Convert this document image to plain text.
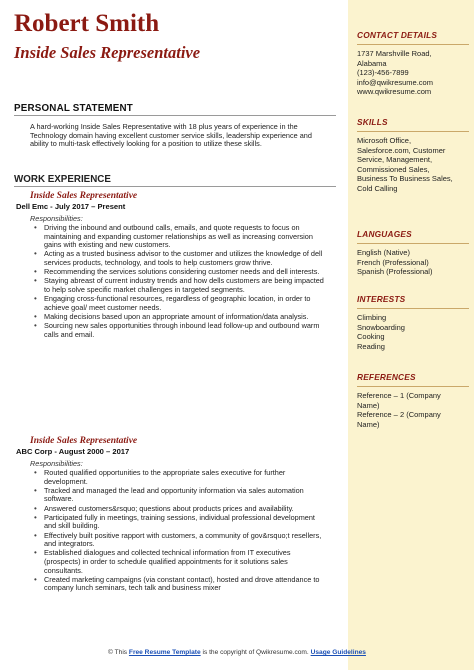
Robert Smith
Inside Sales Representative
PERSONAL STATEMENT
A hard-working Inside Sales Representative with 18 plus years of experience in the Technology domain having excellent customer service skills, leadership experience and ability to multi-task effectively looking for a position to utilize these skills.
WORK EXPERIENCE
Inside Sales Representative
Dell Emc - July 2017 – Present
Responsibilities:
• Driving the inbound and outbound calls, emails, and quote requests to focus on maintaining and expanding customer relationships as well as increasing conversion gains with existing and new customers.
• Acting as a trusted business advisor to the customer and utilizes the knowledge of dell services products, technology, and tools to help customers grow thrive.
• Recommending the services solutions considering customer needs and dell interests.
• Staying abreast of current industry trends and how dells customers are being impacted to help solve specific market challenges in targeted segments.
• Engaging cross-functional resources, regardless of geographic location, in order to achieve goal/ meet customer needs.
• Making decisions based upon an appropriate amount of information/data analysis.
• Sourcing new sales opportunities through inbound lead follow-up and outbound warm calls and email.
Inside Sales Representative
ABC Corp - August 2000 – 2017
Responsibilities:
• Routed qualified opportunities to the appropriate sales executive for further development.
• Tracked and managed the lead and opportunity information via sales automation software.
• Answered customers&rsquo; questions about products prices and availability.
• Participated fully in meetings, training sessions, individual professional development and skill building.
• Effectively built positive rapport with customers, a community of gov&rsquo;t resellers, and integrators.
• Established dialogues and collected technical information from IT executives (prospects) in order to schedule qualified appointments for it solutions sales consultants.
• Created marketing campaigns (via constant contact), hosted and drove attendance to company lunch seminars, tech talk and business mixer
CONTACT DETAILS
1737 Marshville Road,
Alabama
(123)-456-7899
info@qwikresume.com
www.qwikresume.com
SKILLS
Microsoft Office, Salesforce.com, Customer Service, Management, Commissioned Sales, Business To Business Sales, Cold Calling
LANGUAGES
English (Native)
French (Professional)
Spanish (Professional)
INTERESTS
Climbing
Snowboarding
Cooking
Reading
REFERENCES
Reference – 1 (Company Name)
Reference – 2 (Company Name)
© This Free Resume Template is the copyright of Qwikresume.com. Usage Guidelines
